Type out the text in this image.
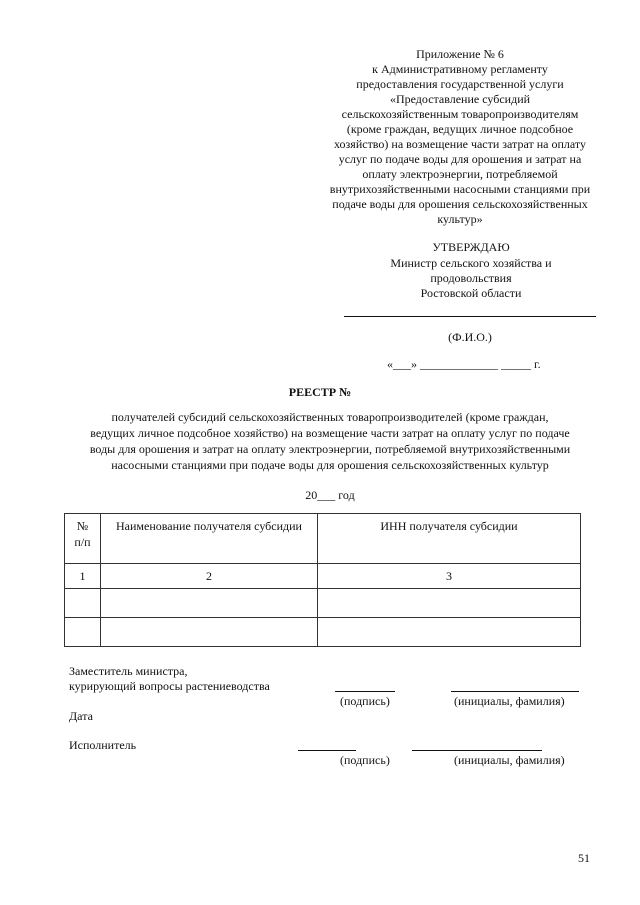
Приложение № 6
к Административному регламенту
предоставления государственной услуги
«Предоставление субсидий
сельскохозяйственным товаропроизводителям
(кроме граждан, ведущих личное подсобное
хозяйство) на возмещение части затрат на оплату
услуг по подаче воды для орошения и затрат на
оплату электроэнергии, потребляемой
внутрихозяйственными насосными станциями при
подаче воды для орошения сельскохозяйственных
культур»
УТВЕРЖДАЮ
Министр сельского хозяйства и
продовольствия
Ростовской области
(Ф.И.О.)
«___» _____________ _____ г.
РЕЕСТР №
получателей субсидий сельскохозяйственных товаропроизводителей (кроме граждан,
ведущих личное подсобное хозяйство) на возмещение части затрат на оплату услуг по подаче
воды для орошения и затрат на оплату электроэнергии, потребляемой внутрихозяйственными
насосными станциями при подаче воды для орошения сельскохозяйственных культур
20___ год
№
п/п	Наименование получателя субсидии	ИНН получателя субсидии
1	2	3

Заместитель министра,
курирующий вопросы растениеводства
(подпись)	(инициалы, фамилия)
Дата
Исполнитель
(подпись)	(инициалы, фамилия)
51
